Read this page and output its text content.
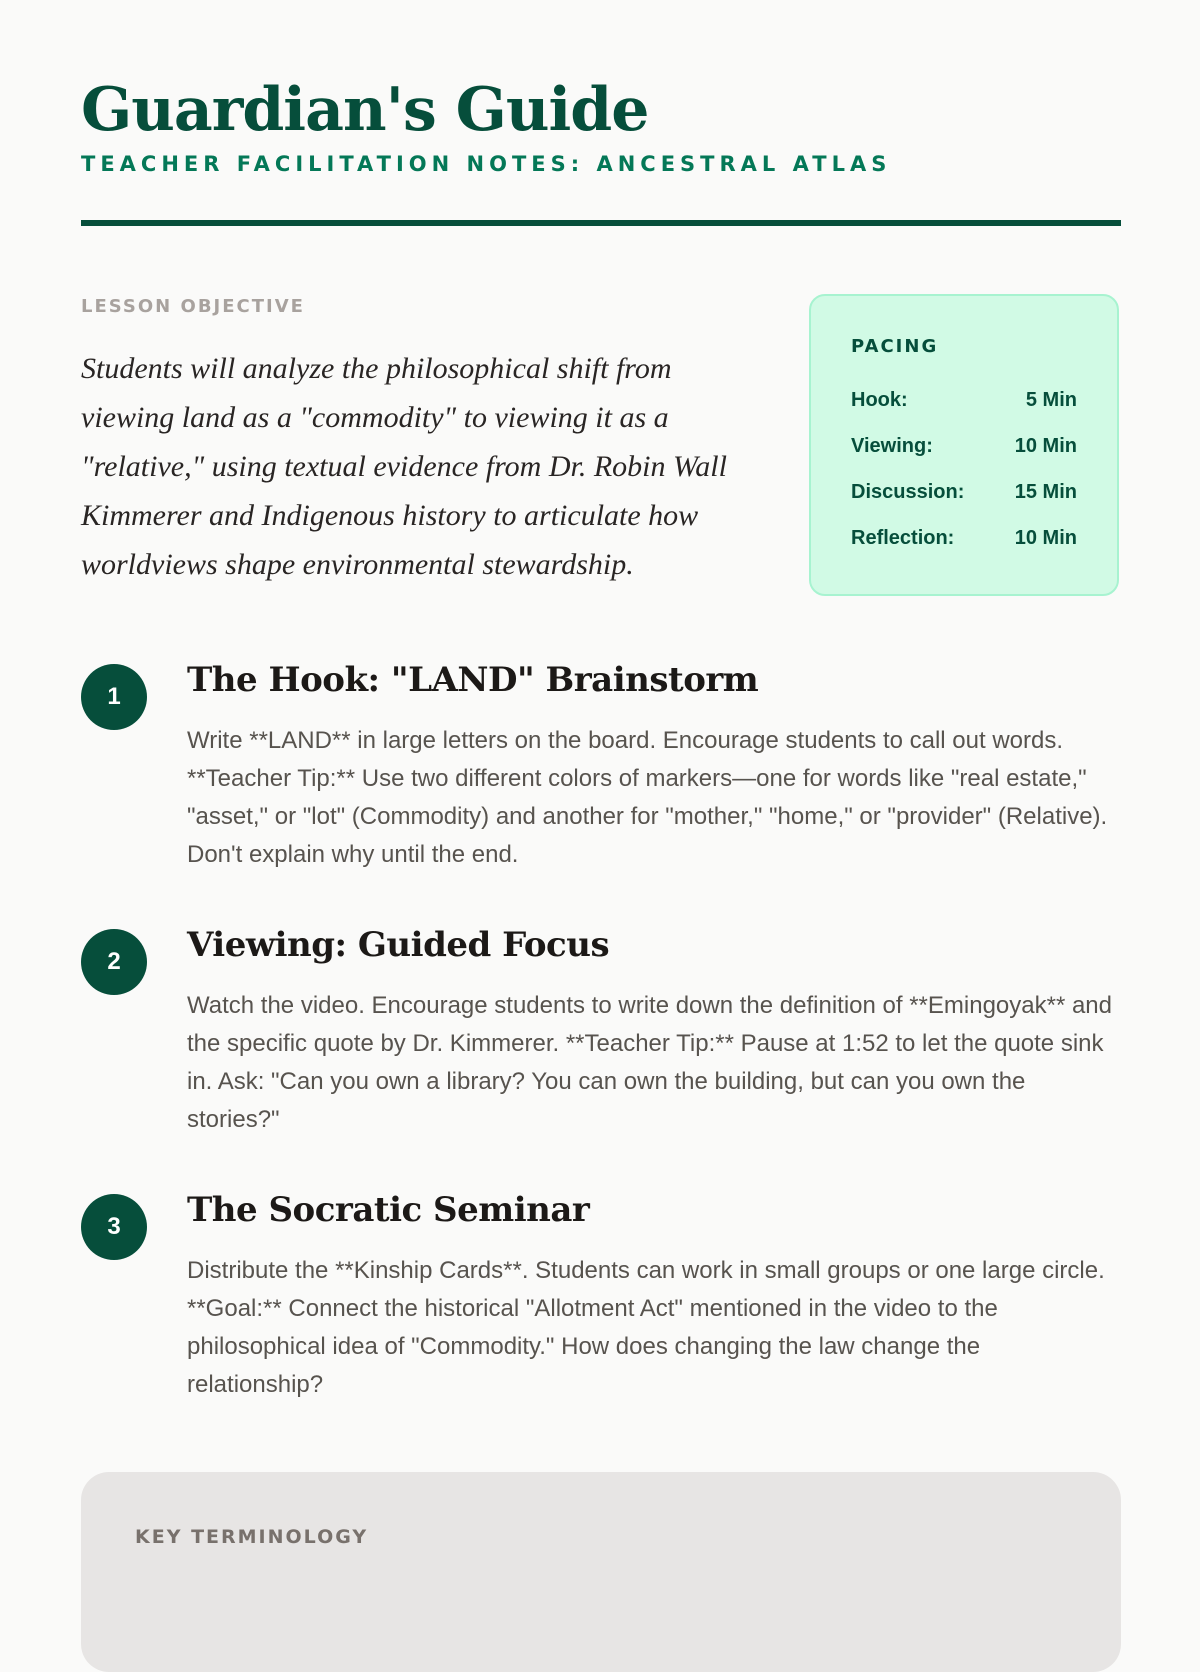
Guardian's Guide
TEACHER FACILITATION NOTES: ANCESTRAL ATLAS
LESSON OBJECTIVE
Students will analyze the philosophical shift from viewing land as a "commodity" to viewing it as a "relative," using textual evidence from Dr. Robin Wall Kimmerer and Indigenous history to articulate how worldviews shape environmental stewardship.
PACING
Hook:	5 Min
Viewing:	10 Min
Discussion:	15 Min
Reflection:	10 Min
1	The Hook: "LAND" Brainstorm
Write **LAND** in large letters on the board. Encourage students to call out words. **Teacher Tip:** Use two different colors of markers—one for words like "real estate," "asset," or "lot" (Commodity) and another for "mother," "home," or "provider" (Relative). Don't explain why until the end.
2	Viewing: Guided Focus
Watch the video. Encourage students to write down the definition of **Emingoyak** and the specific quote by Dr. Kimmerer. **Teacher Tip:** Pause at 1:52 to let the quote sink in. Ask: "Can you own a library? You can own the building, but can you own the stories?"
3	The Socratic Seminar
Distribute the **Kinship Cards**. Students can work in small groups or one large circle. **Goal:** Connect the historical "Allotment Act" mentioned in the video to the philosophical idea of "Commodity." How does changing the law change the relationship?
KEY TERMINOLOGY
